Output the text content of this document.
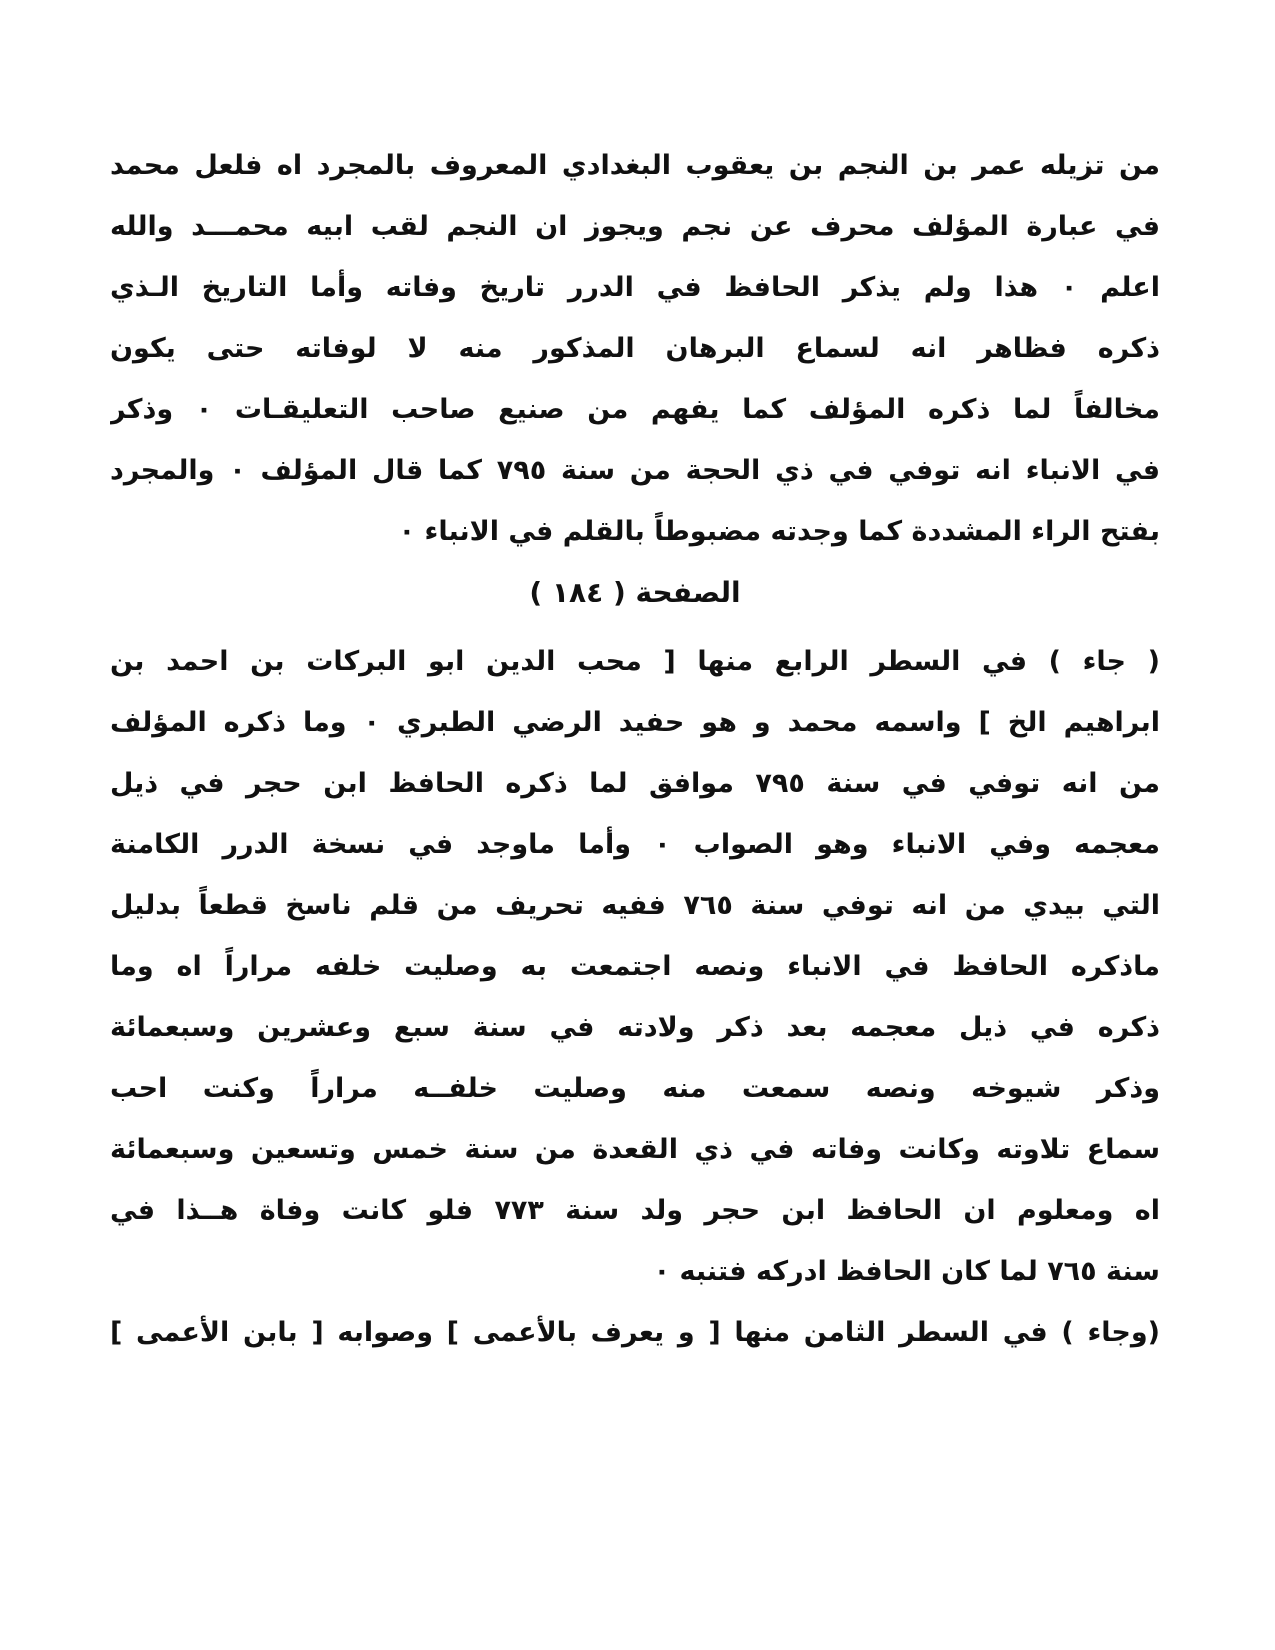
من تزيله عمر بن النجم بن يعقوب البغدادي المعروف بالمجرد اه فلعل محمد
في عبارة المؤلف محرف عن نجم ويجوز ان النجم لقب ابيه محمـــد والله
اعلم ۰ هذا ولم يذكر الحافظ في الدرر تاريخ وفاته وأما التاريخ الـذي
ذكره فظاهر انه لسماع البرهان المذكور منه لا لوفاته حتى يكون
مخالفاً لما ذكره المؤلف كما يفهم من صنيع صاحب التعليقـات ۰ وذكر
في الانباء انه توفي في ذي الحجة من سنة ٧٩٥ كما قال المؤلف ۰ والمجرد
بفتح الراء المشددة كما وجدته مضبوطاً بالقلم في الانباء ۰
الصفحة ( ١٨٤ )
( جاء ) في السطر الرابع منها [ محب الدين ابو البركات بن احمد بن
ابراهيم الخ ] واسمه محمد و هو حفيد الرضي الطبري ۰ وما ذكره المؤلف
من انه توفي في سنة ٧٩٥ موافق لما ذكره الحافظ ابن حجر في ذيل
معجمه وفي الانباء وهو الصواب ۰ وأما ماوجد في نسخة الدرر الكامنة
التي بيدي من انه توفي سنة ٧٦٥ ففيه تحريف من قلم ناسخ قطعاً بدليل
ماذكره الحافظ في الانباء ونصه اجتمعت به وصليت خلفه مراراً اه وما
ذكره في ذيل معجمه بعد ذكر ولادته في سنة سبع وعشرين وسبعمائة
وذكر شيوخه ونصه سمعت منه وصليت خلفــه مراراً وكنت احب
سماع تلاوته وكانت وفاته في ذي القعدة من سنة خمس وتسعين وسبعمائة
اه ومعلوم ان الحافظ ابن حجر ولد سنة ٧٧٣ فلو كانت وفاة هــذا في
سنة ٧٦٥ لما كان الحافظ ادركه فتنبه ۰
(وجاء ) في السطر الثامن منها [ و يعرف بالأعمى ] وصوابه [ بابن الأعمى ]
